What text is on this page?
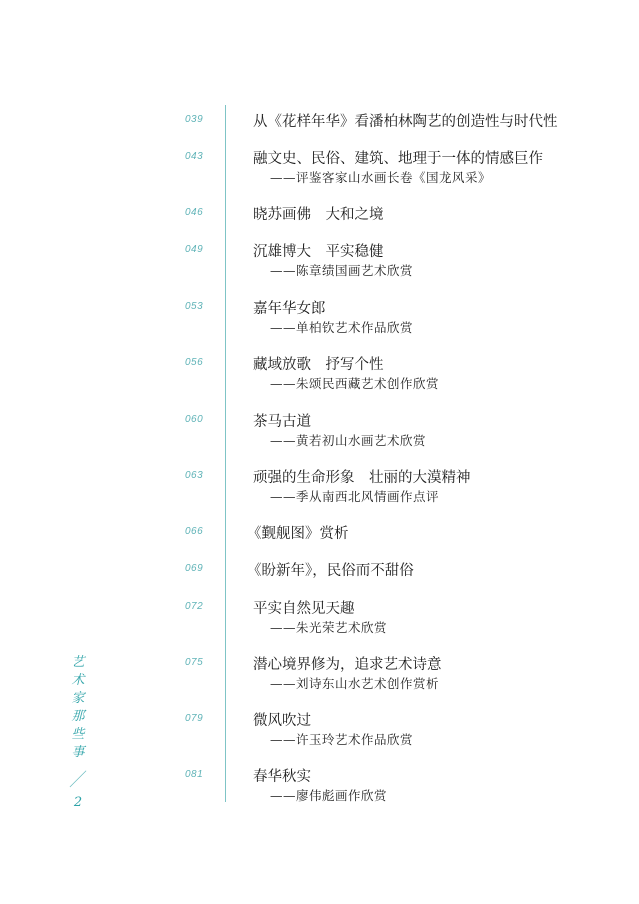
039	从《花样年华》看潘柏林陶艺的创造性与时代性
043	融文史、民俗、建筑、地理于一体的情感巨作
——评鉴客家山水画长卷《国龙风采》
046	晓苏画佛　大和之境
049	沉雄博大　平实稳健
——陈章绩国画艺术欣赏
053	嘉年华女郎
——单柏钦艺术作品欣赏
056	藏域放歌　抒写个性
——朱颂民西藏艺术创作欣赏
060	茶马古道
——黄若初山水画艺术欣赏
063	顽强的生命形象　壮丽的大漠精神
——季从南西北风情画作点评
066	《觐舰图》赏析
069	《盼新年》，民俗而不甜俗
072	平实自然见天趣
——朱光荣艺术欣赏
075	潜心境界修为，追求艺术诗意
——刘诗东山水艺术创作赏析
079	微风吹过
——许玉玲艺术作品欣赏
081	春华秋实
——廖伟彪画作欣赏
艺
术
家
那
些
事
／
2
